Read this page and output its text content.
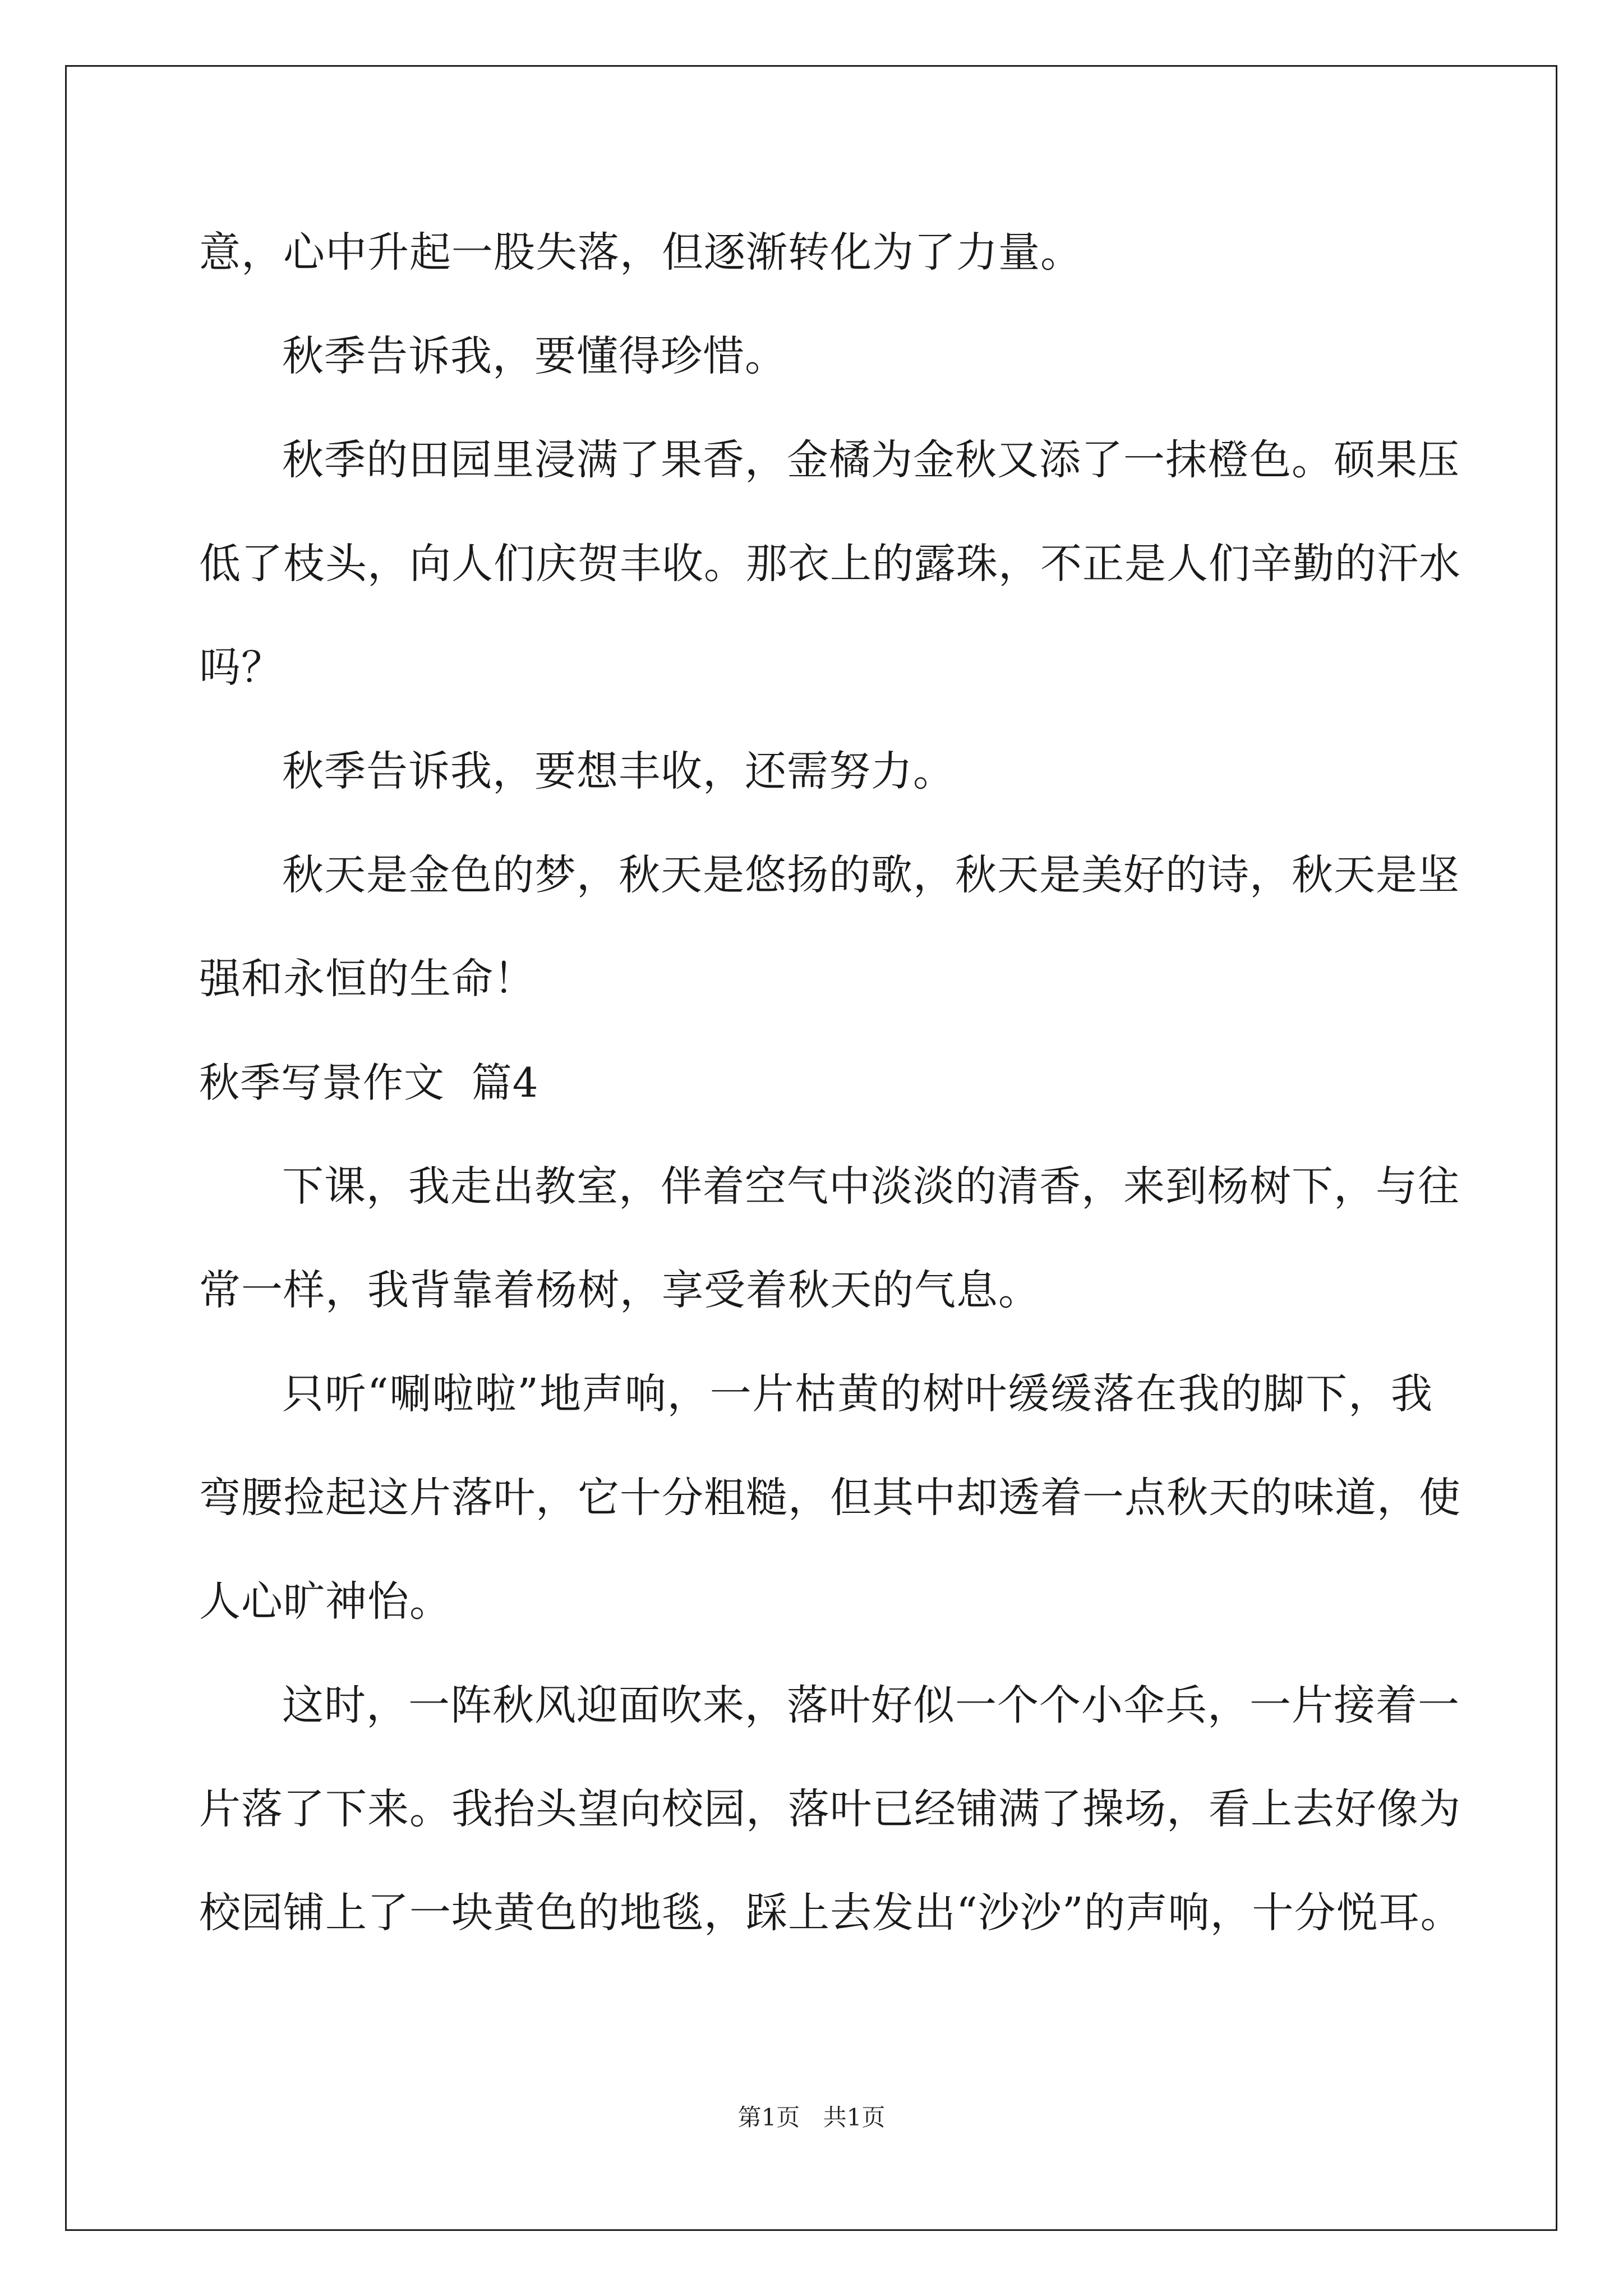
意，心中升起一股失落，但逐渐转化为了力量。
秋季告诉我，要懂得珍惜。
秋季的田园里浸满了果香，金橘为金秋又添了一抹橙色。硕果压
低了枝头，向人们庆贺丰收。那衣上的露珠，不正是人们辛勤的汗水
吗？
秋季告诉我，要想丰收，还需努力。
秋天是金色的梦，秋天是悠扬的歌，秋天是美好的诗，秋天是坚
强和永恒的生命！
秋季写景作文  篇4
下课，我走出教室，伴着空气中淡淡的清香，来到杨树下，与往
常一样，我背靠着杨树，享受着秋天的气息。
只听“唰啦啦”地声响，一片枯黄的树叶缓缓落在我的脚下，我
弯腰捡起这片落叶，它十分粗糙，但其中却透着一点秋天的味道，使
人心旷神怡。
这时，一阵秋风迎面吹来，落叶好似一个个小伞兵，一片接着一
片落了下来。我抬头望向校园，落叶已经铺满了操场，看上去好像为
校园铺上了一块黄色的地毯，踩上去发出“沙沙”的声响，十分悦耳。
第1页 共1页
